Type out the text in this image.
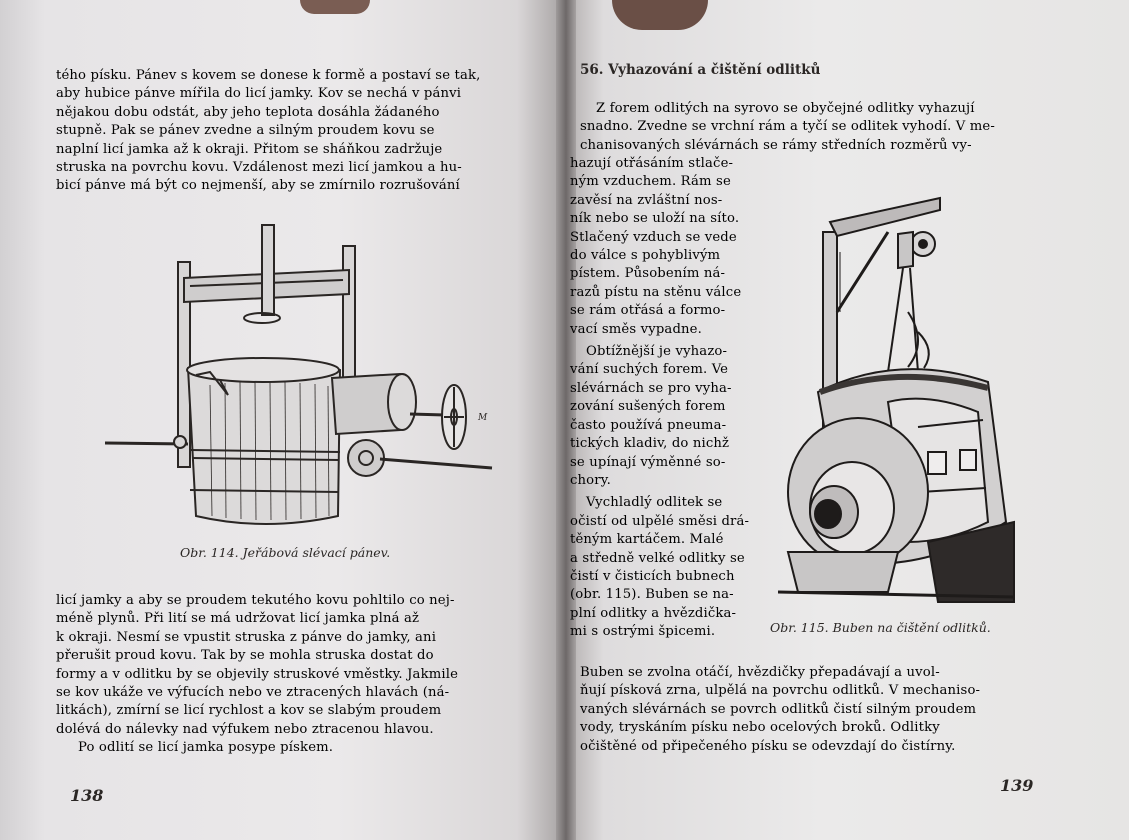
tého písku. Pánev s kovem se donese k formě a postaví se tak,

aby hubice pánve mířila do licí jamky. Kov se nechá v pánvi

nějakou dobu odstát, aby jeho teplota dosáhla žádaného

stupně. Pak se pánev zvedne a silným proudem kovu se

naplní licí jamka až k okraji. Přitom se sháňkou zadržuje

struska na povrchu kovu. Vzdálenost mezi licí jamkou a hu-

bicí pánve má být co nejmenší, aby se zmírnilo rozrušování

M
Obr. 114. Jeřábová slévací pánev.

licí jamky a aby se proudem tekutého kovu pohltilo co nej-

méně plynů. Při lití se má udržovat licí jamka plná až

k okraji. Nesmí se vpustit struska z pánve do jamky, ani

přerušit proud kovu. Tak by se mohla struska dostat do

formy a v odlitku by se objevily struskové vměstky. Jakmile

se kov ukáže ve výfucích nebo ve ztracených hlavách (ná-

litkách), zmírní se licí rychlost a kov se slabým proudem

dolévá do nálevky nad výfukem nebo ztracenou hlavou.

Po odlití se licí jamka posype pískem.

138
56. Vyhazování a čištění odlitků

Z forem odlitých na syrovo se obyčejné odlitky vyhazují

snadno. Zvedne se vrchní rám a tyčí se odlitek vyhodí. V me-

chanisovaných slévárnách se rámy středních rozměrů vy-

hazují otřásáním stlače-

ným vzduchem. Rám se

zavěsí na zvláštní nos-

ník nebo se uloží na síto.

Stlačený vzduch se vede

do válce s pohyblivým

pístem. Působením ná-

razů pístu na stěnu válce

se rám otřásá a formo-

vací směs vypadne.

Obtížnější je vyhazo-

vání suchých forem. Ve

slévárnách se pro vyha-

zování sušených forem

často používá pneuma-

tických kladiv, do nichž

se upínají výměnné so-

chory.

Vychladlý odlitek se

očistí od ulpělé směsi drá-

těným kartáčem. Malé

a středně velké odlitky se

čistí v čisticích bubnech

(obr. 115). Buben se na-

plní odlitky a hvězdička-

mi s ostrými špicemi.	Obr. 115. Buben na čištění odlitků.

Buben se zvolna otáčí, hvězdičky přepadávají a uvol-

ňují písková zrna, ulpělá na povrchu odlitků. V mechaniso-

vaných slévárnách se povrch odlitků čistí silným proudem

vody, tryskáním písku nebo ocelových broků. Odlitky

očištěné od připečeného písku se odevzdají do čistírny.

139
